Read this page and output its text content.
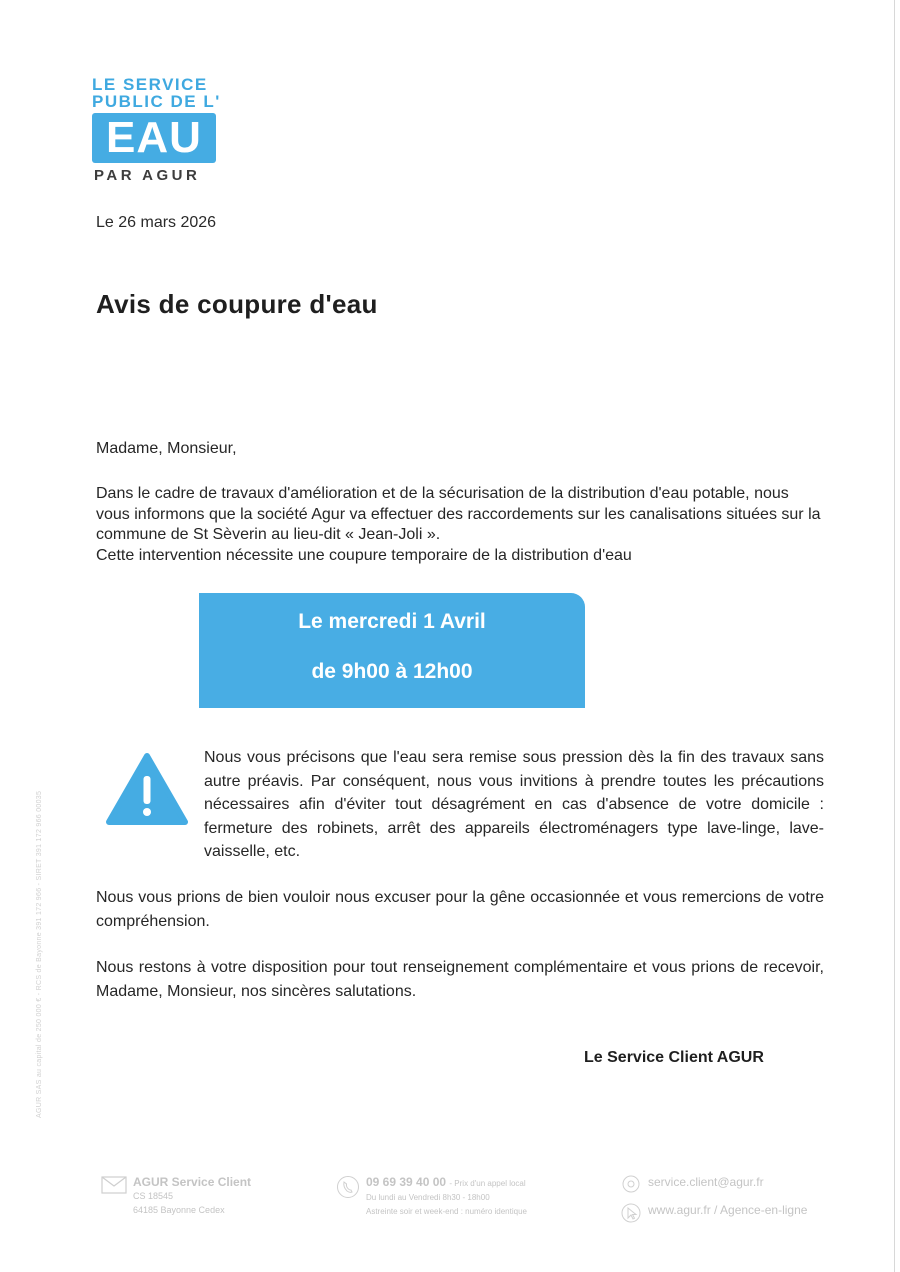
LE SERVICE
PUBLIC DE L'
EAU
PAR AGUR
Le 26 mars 2026
Avis de coupure d'eau
Madame, Monsieur,

Dans le cadre de travaux d'amélioration et de la sécurisation de la distribution d'eau potable, nous vous informons que la société Agur va effectuer des raccordements sur les canalisations situées sur la commune de St Sèverin au lieu-dit « Jean-Joli ».

Cette intervention nécessite une coupure temporaire de la distribution d'eau

Le mercredi 1 Avril
de 9h00 à 12h00
Nous vous précisons que l'eau sera remise sous pression dès la fin des travaux sans autre préavis. Par conséquent, nous vous invitions à prendre toutes les précautions nécessaires afin d'éviter tout désagrément en cas d'absence de votre domicile : fermeture des robinets, arrêt des appareils électroménagers type lave-linge, lave-vaisselle, etc.
Nous vous prions de bien vouloir nous excuser pour la gêne occasionnée et vous remercions de votre compréhension.
Nous restons à votre disposition pour tout renseignement complémentaire et vous prions de recevoir, Madame, Monsieur, nos sincères salutations.
Le Service Client AGUR
AGUR SAS au capital de 250 000 € - RCS de Bayonne 391 172 966 - SIRET 391 172 966 00035
AGUR Service Client
CS 18545
64185 Bayonne Cedex
09 69 39 40 00 - Prix d'un appel local
Du lundi au Vendredi 8h30 - 18h00
Astreinte soir et week-end : numéro identique
service.client@agur.fr
www.agur.fr / Agence-en-ligne
